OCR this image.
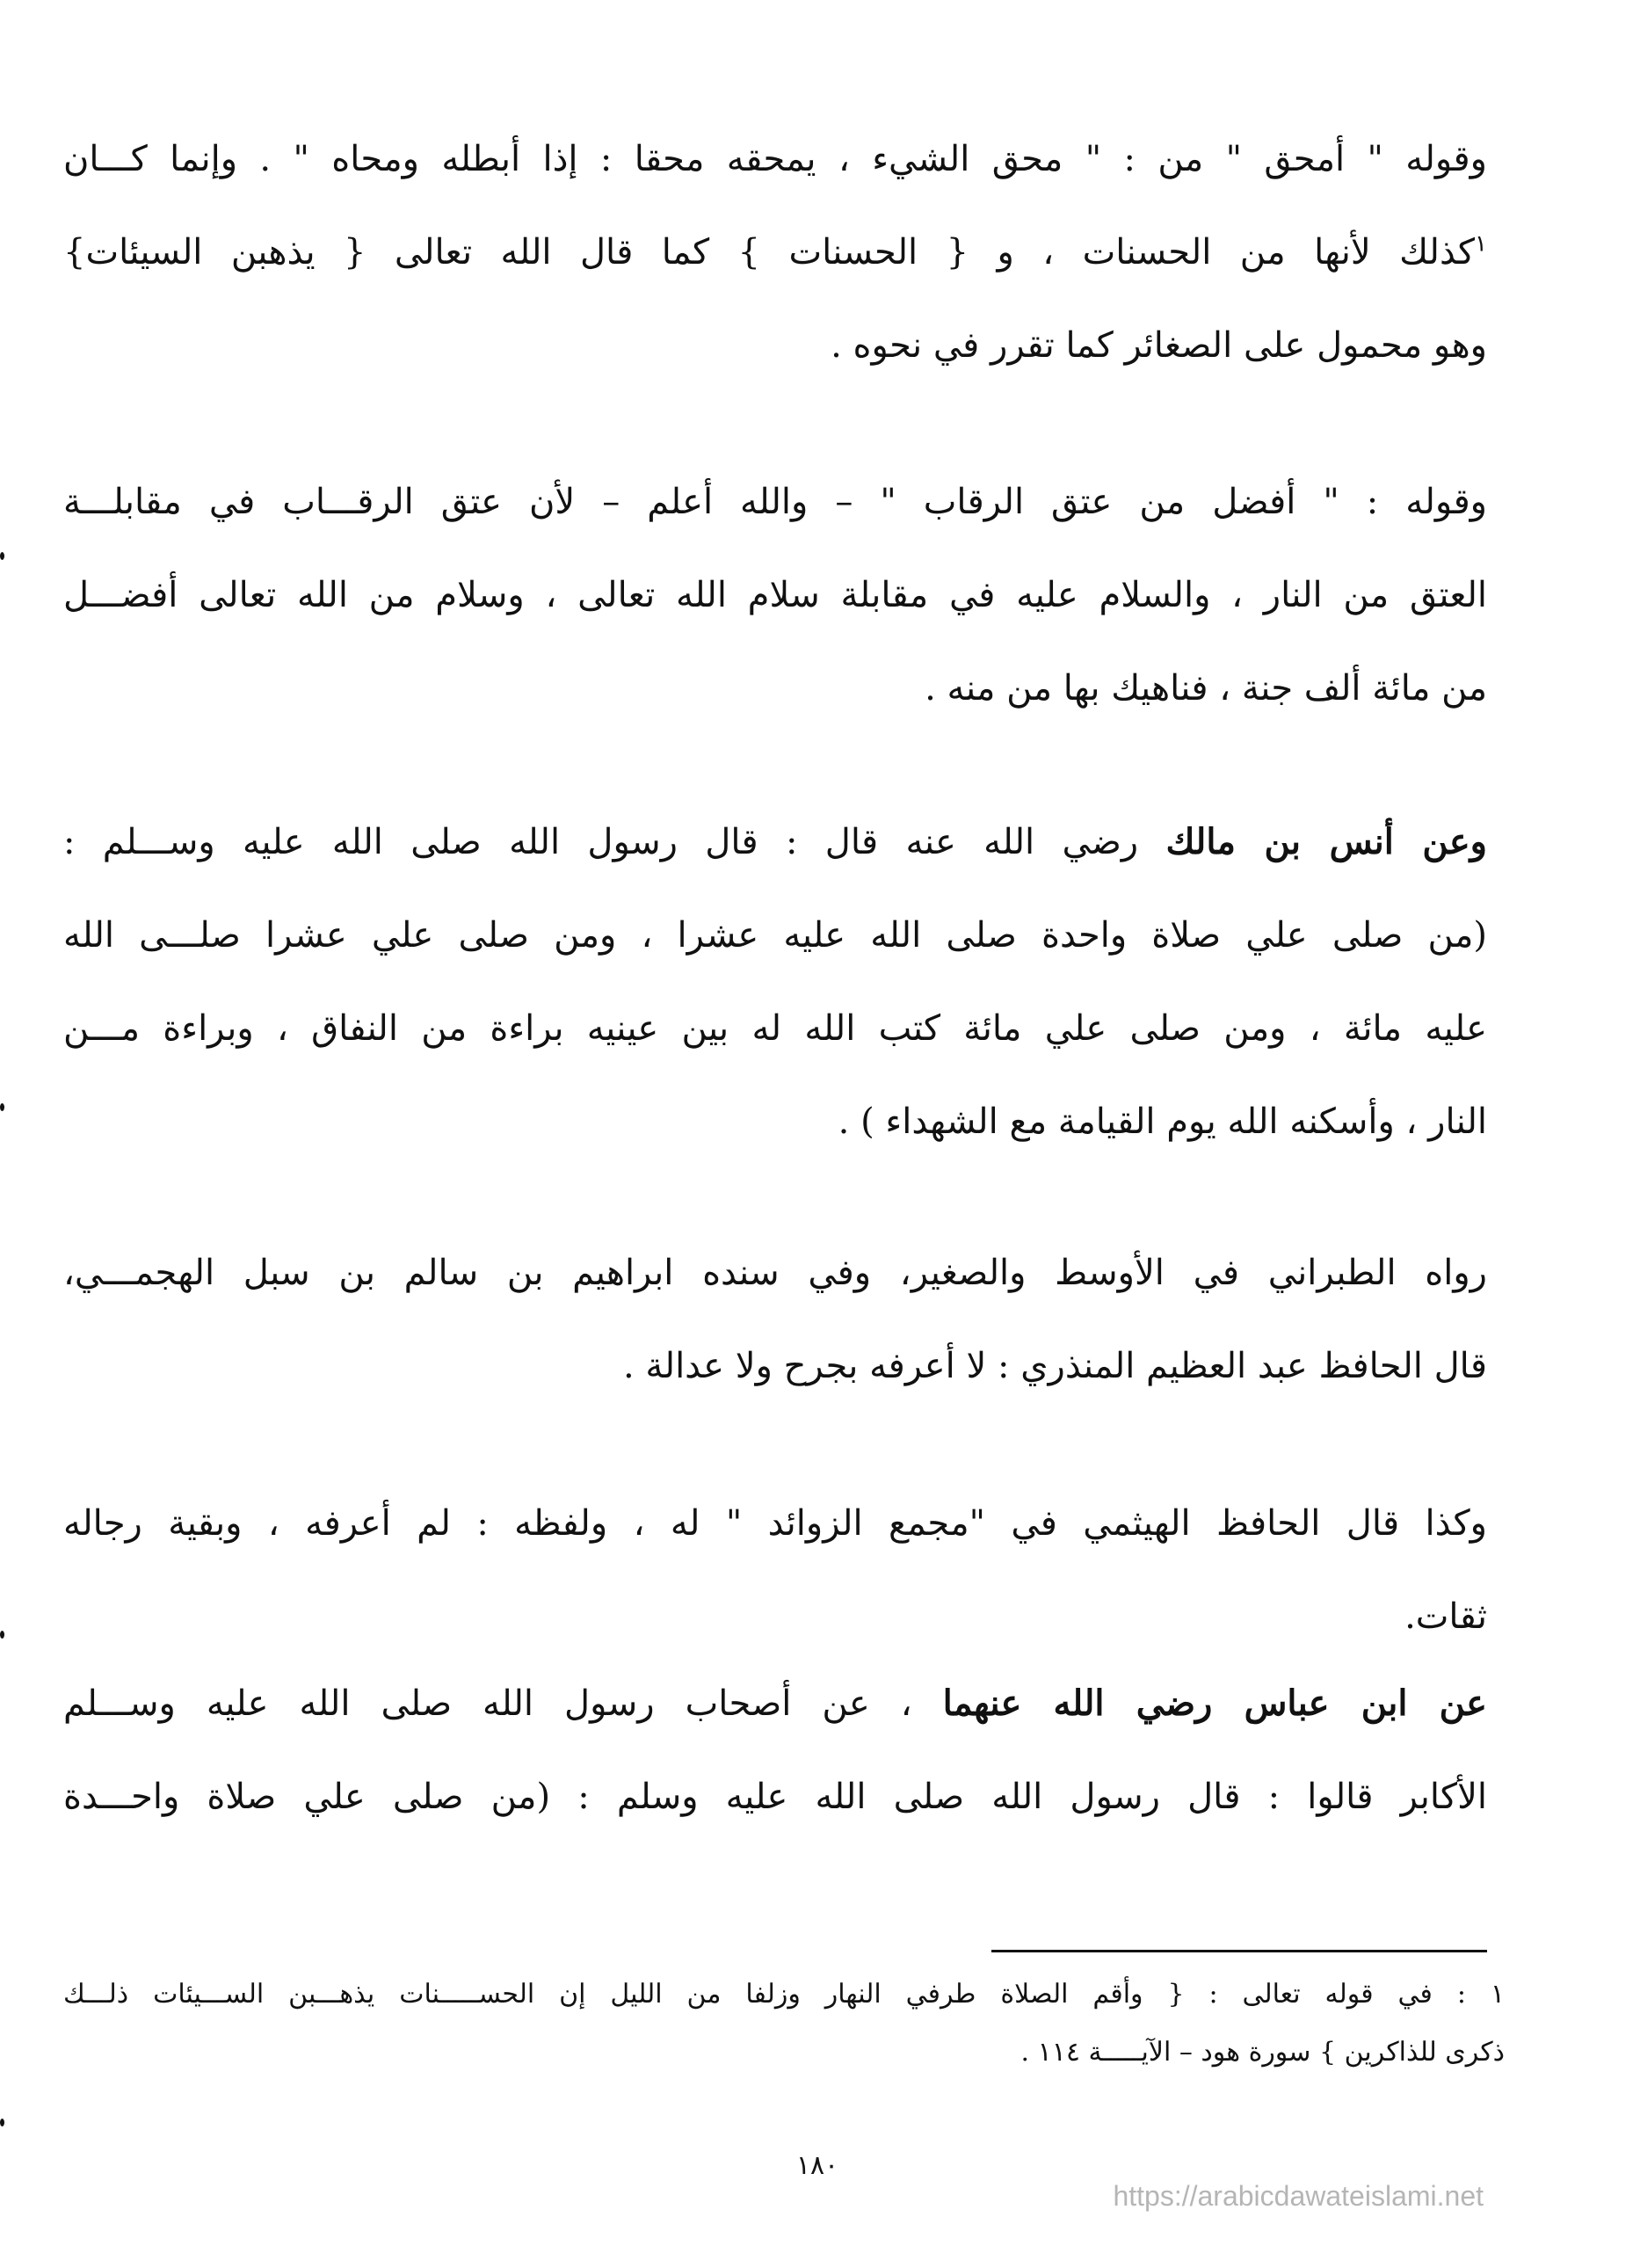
وقوله " أمحق " من : " محق الشيء ، يمحقه محقا : إذا أبطله ومحاه " . وإنما كـــان
$^١$كذلك لأنها من الحسنات ، و { الحسنات } كما قال الله تعالى { يذهبن السيئات}
وهو محمول على الصغائر كما تقرر في نحوه .
وقوله : " أفضل من عتق الرقاب " – والله أعلم – لأن عتق الرقـــاب في مقابلـــة
العتق من النار ، والسلام عليه في مقابلة سلام الله تعالى ، وسلام من الله تعالى أفضـــل
من مائة ألف جنة ، فناهيك بها من منه .
وعن أنس بن مالك رضي الله عنه قال : قال رسول الله صلى الله عليه وســـلم :
(من صلى علي صلاة واحدة صلى الله عليه عشرا ، ومن صلى علي عشرا صلـــى الله
عليه مائة ، ومن صلى علي مائة كتب الله له بين عينيه براءة من النفاق ، وبراءة مـــن
النار ، وأسكنه الله يوم القيامة مع الشهداء ) .
رواه الطبراني في الأوسط والصغير، وفي سنده ابراهيم بن سالم بن سبل الهجمـــي،
قال الحافظ عبد العظيم المنذري : لا أعرفه بجرح ولا عدالة .
وكذا قال الحافظ الهيثمي في "مجمع الزوائد " له ، ولفظه : لم أعرفه ، وبقية رجاله
ثقات.
عن ابن عباس رضي الله عنهما ، عن أصحاب رسول الله صلى الله عليه وســـلم
الأكابر قالوا : قال رسول الله صلى الله عليه وسلم : (من صلى علي صلاة واحـــدة
١ : في قوله تعالى : { وأقم الصلاة طرفي النهار وزلفا من الليل إن الحســـــنات يذهـــبن الســـيئات ذلـــك
ذكرى للذاكرين } سورة هود – الآيـــــة ١١٤ .
١٨٠
https://arabicdawateislami.net
